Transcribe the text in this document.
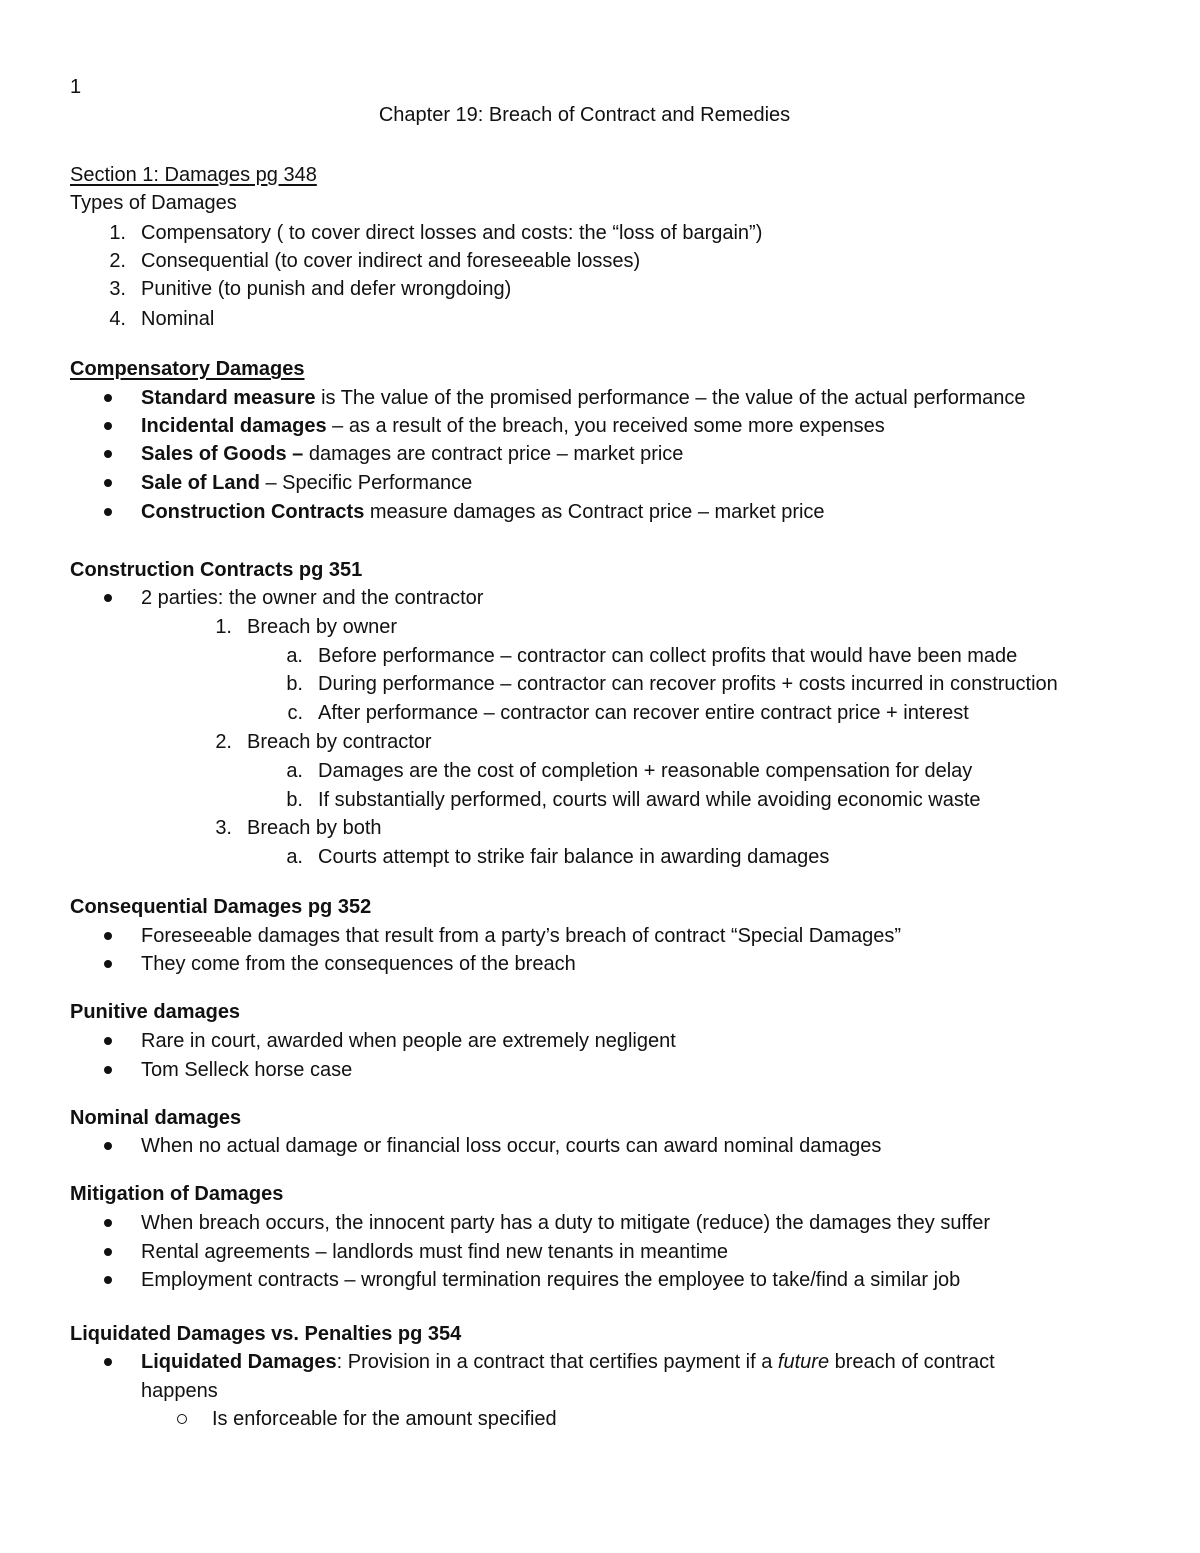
1
Chapter 19: Breach of Contract and Remedies
Section 1: Damages pg 348
Types of Damages
1. Compensatory ( to cover direct losses and costs: the “loss of bargain”)
2. Consequential (to cover indirect and foreseeable losses)
3. Punitive (to punish and defer wrongdoing)
4. Nominal
Compensatory Damages
Standard measure is The value of the promised performance – the value of the actual performance
Incidental damages – as a result of the breach, you received some more expenses
Sales of Goods – damages are contract price – market price
Sale of Land – Specific Performance
Construction Contracts measure damages as Contract price – market price
Construction Contracts pg 351
2 parties: the owner and the contractor
1. Breach by owner
a. Before performance – contractor can collect profits that would have been made
b. During performance – contractor can recover profits + costs incurred in construction
c. After performance – contractor can recover entire contract price + interest
2. Breach by contractor
a. Damages are the cost of completion + reasonable compensation for delay
b. If substantially performed, courts will award while avoiding economic waste
3. Breach by both
a. Courts attempt to strike fair balance in awarding damages
Consequential Damages pg 352
Foreseeable damages that result from a party’s breach of contract “Special Damages”
They come from the consequences of the breach
Punitive damages
Rare in court, awarded when people are extremely negligent
Tom Selleck horse case
Nominal damages
When no actual damage or financial loss occur, courts can award nominal damages
Mitigation of Damages
When breach occurs, the innocent party has a duty to mitigate (reduce) the damages they suffer
Rental agreements – landlords must find new tenants in meantime
Employment contracts – wrongful termination requires the employee to take/find a similar job
Liquidated Damages vs. Penalties pg 354
Liquidated Damages: Provision in a contract that certifies payment if a future breach of contract
happens
Is enforceable for the amount specified
